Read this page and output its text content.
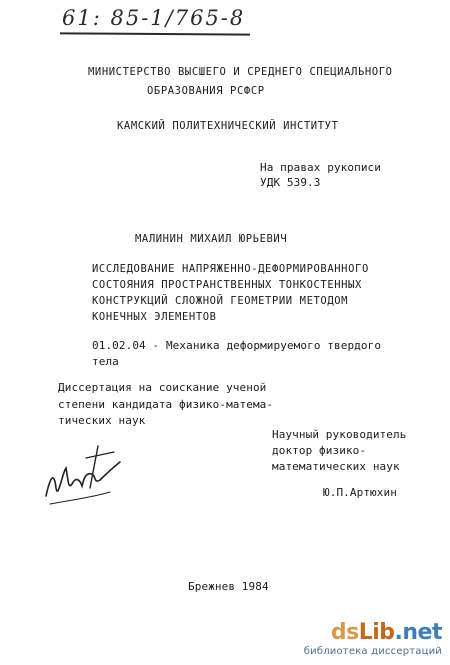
61: 85-1/765-8
МИНИСТЕРСТВО ВЫСШЕГО И СРЕДНЕГО СПЕЦИАЛЬНОГО
ОБРАЗОВАНИЯ РСФСР
КАМСКИЙ ПОЛИТЕХНИЧЕСКИЙ ИНСТИТУТ
На правах рукописи
УДК 539.3
МАЛИНИН МИХАИЛ ЮРЬЕВИЧ
ИССЛЕДОВАНИЕ НАПРЯЖЕННО-ДЕФОРМИРОВАННОГО
СОСТОЯНИЯ ПРОСТРАНСТВЕННЫХ ТОНКОСТЕННЫХ
КОНСТРУКЦИЙ СЛОЖНОЙ ГЕОМЕТРИИ МЕТОДОМ
КОНЕЧНЫХ ЭЛЕМЕНТОВ
01.02.04 - Механика деформируемого твердого
тела
Диссертация на соискание ученой
степени кандидата физико-матема-
тических наук
Научный руководитель
доктор физико-
математических наук
Ю.П.Артюхин
Брежнев 1984
dsLib.net
библиотека диссертаций
